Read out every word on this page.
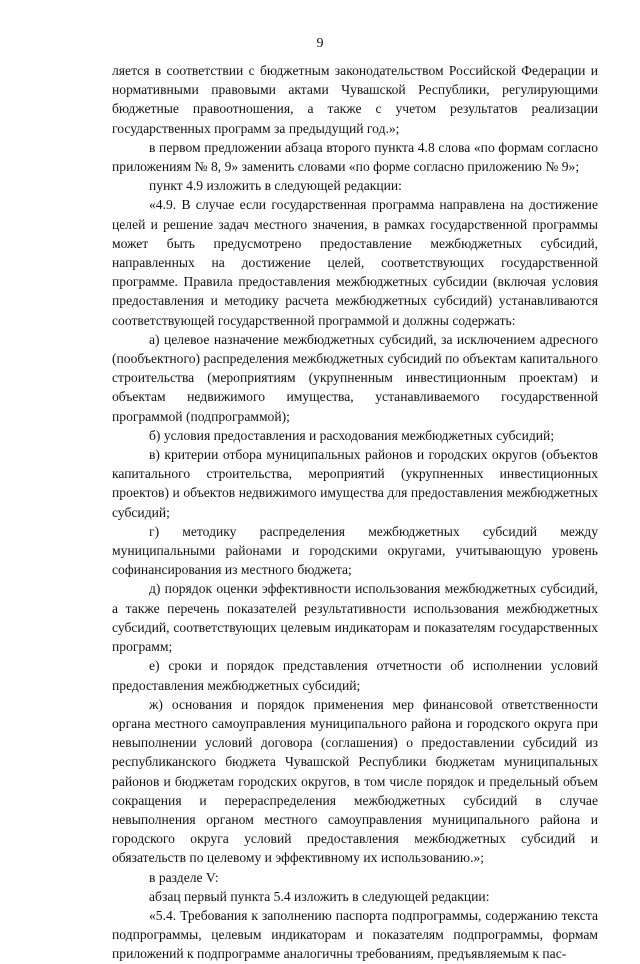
9

ляется в соответствии с бюджетным законодательством Российской Федерации и нормативными правовыми актами Чувашской Республики, регулирующими бюджетные правоотношения, а также с учетом результатов реализации государственных программ за предыдущий год.»;

в первом предложении абзаца второго пункта 4.8 слова «по формам согласно приложениям № 8, 9» заменить словами «по форме согласно приложению № 9»;

пункт 4.9 изложить в следующей редакции:

«4.9. В случае если государственная программа направлена на достижение целей и решение задач местного значения, в рамках государственной программы может быть предусмотрено предоставление межбюджетных субсидий, направленных на достижение целей, соответствующих государственной программе. Правила предоставления межбюджетных субсидии (включая условия предоставления и методику расчета межбюджетных субсидий) устанавливаются соответствующей государственной программой и должны содержать:

а) целевое назначение межбюджетных субсидий, за исключением адресного (пообъектного) распределения межбюджетных субсидий по объектам капитального строительства (мероприятиям (укрупненным инвестиционным проектам) и объектам недвижимого имущества, устанавливаемого государственной программой (подпрограммой);

б) условия предоставления и расходования межбюджетных субсидий;

в) критерии отбора муниципальных районов и городских округов (объектов капитального строительства, мероприятий (укрупненных инвестиционных проектов) и объектов недвижимого имущества для предоставления межбюджетных субсидий;

г) методику распределения межбюджетных субсидий между муниципальными районами и городскими округами, учитывающую уровень софинансирования из местного бюджета;

д) порядок оценки эффективности использования межбюджетных субсидий, а также перечень показателей результативности использования межбюджетных субсидий, соответствующих целевым индикаторам и показателям государственных программ;

е) сроки и порядок представления отчетности об исполнении условий предоставления межбюджетных субсидий;

ж) основания и порядок применения мер финансовой ответственности органа местного самоуправления муниципального района и городского округа при невыполнении условий договора (соглашения) о предоставлении субсидий из республиканского бюджета Чувашской Республики бюджетам муниципальных районов и бюджетам городских округов, в том числе порядок и предельный объем сокращения и перераспределения межбюджетных субсидий в случае невыполнения органом местного самоуправления муниципального района и городского округа условий предоставления межбюджетных субсидий и обязательств по целевому и эффективному их использованию.»;

в разделе V:

абзац первый пункта 5.4 изложить в следующей редакции:

«5.4. Требования к заполнению паспорта подпрограммы, содержанию текста подпрограммы, целевым индикаторам и показателям подпрограммы, формам приложений к подпрограмме аналогичны требованиям, предъявляемым к пас-
